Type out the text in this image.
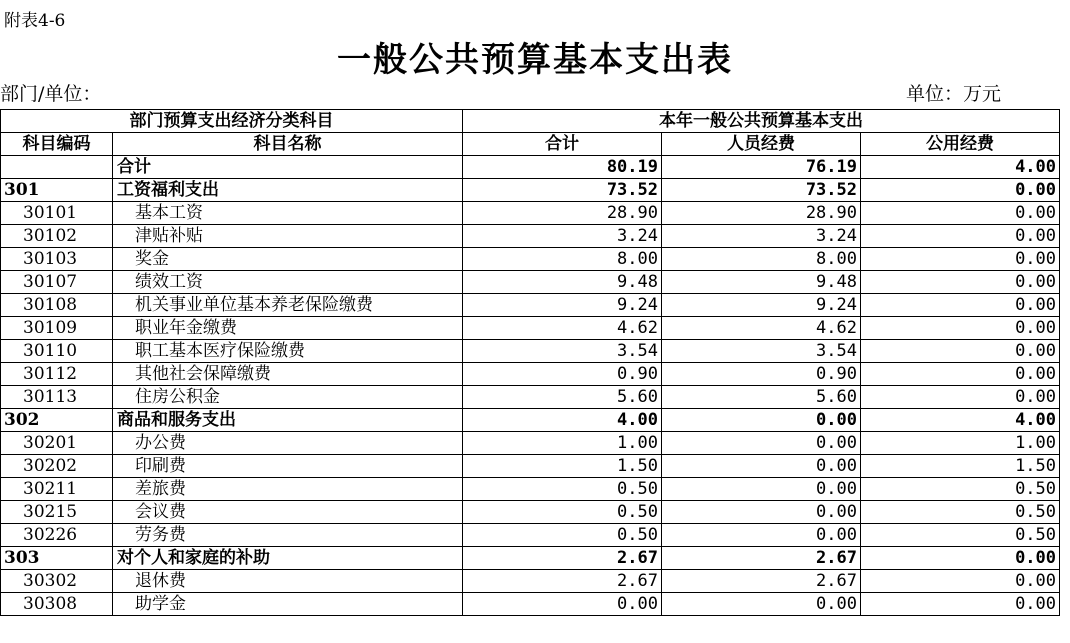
附表4-6
一般公共预算基本支出表
部门/单位：	单位：万元
部门预算支出经济分类科目		本年一般公共预算基本支出		
科目编码	科目名称	合计	人员经费	公用经费
	合计	80.19	76.19	4.00
301	工资福利支出	73.52	73.52	0.00
30101	基本工资	28.90	28.90	0.00
30102	津贴补贴	3.24	3.24	0.00
30103	奖金	8.00	8.00	0.00
30107	绩效工资	9.48	9.48	0.00
30108	机关事业单位基本养老保险缴费	9.24	9.24	0.00
30109	职业年金缴费	4.62	4.62	0.00
30110	职工基本医疗保险缴费	3.54	3.54	0.00
30112	其他社会保障缴费	0.90	0.90	0.00
30113	住房公积金	5.60	5.60	0.00
302	商品和服务支出	4.00	0.00	4.00
30201	办公费	1.00	0.00	1.00
30202	印刷费	1.50	0.00	1.50
30211	差旅费	0.50	0.00	0.50
30215	会议费	0.50	0.00	0.50
30226	劳务费	0.50	0.00	0.50
303	对个人和家庭的补助	2.67	2.67	0.00
30302	退休费	2.67	2.67	0.00
30308	助学金	0.00	0.00	0.00
